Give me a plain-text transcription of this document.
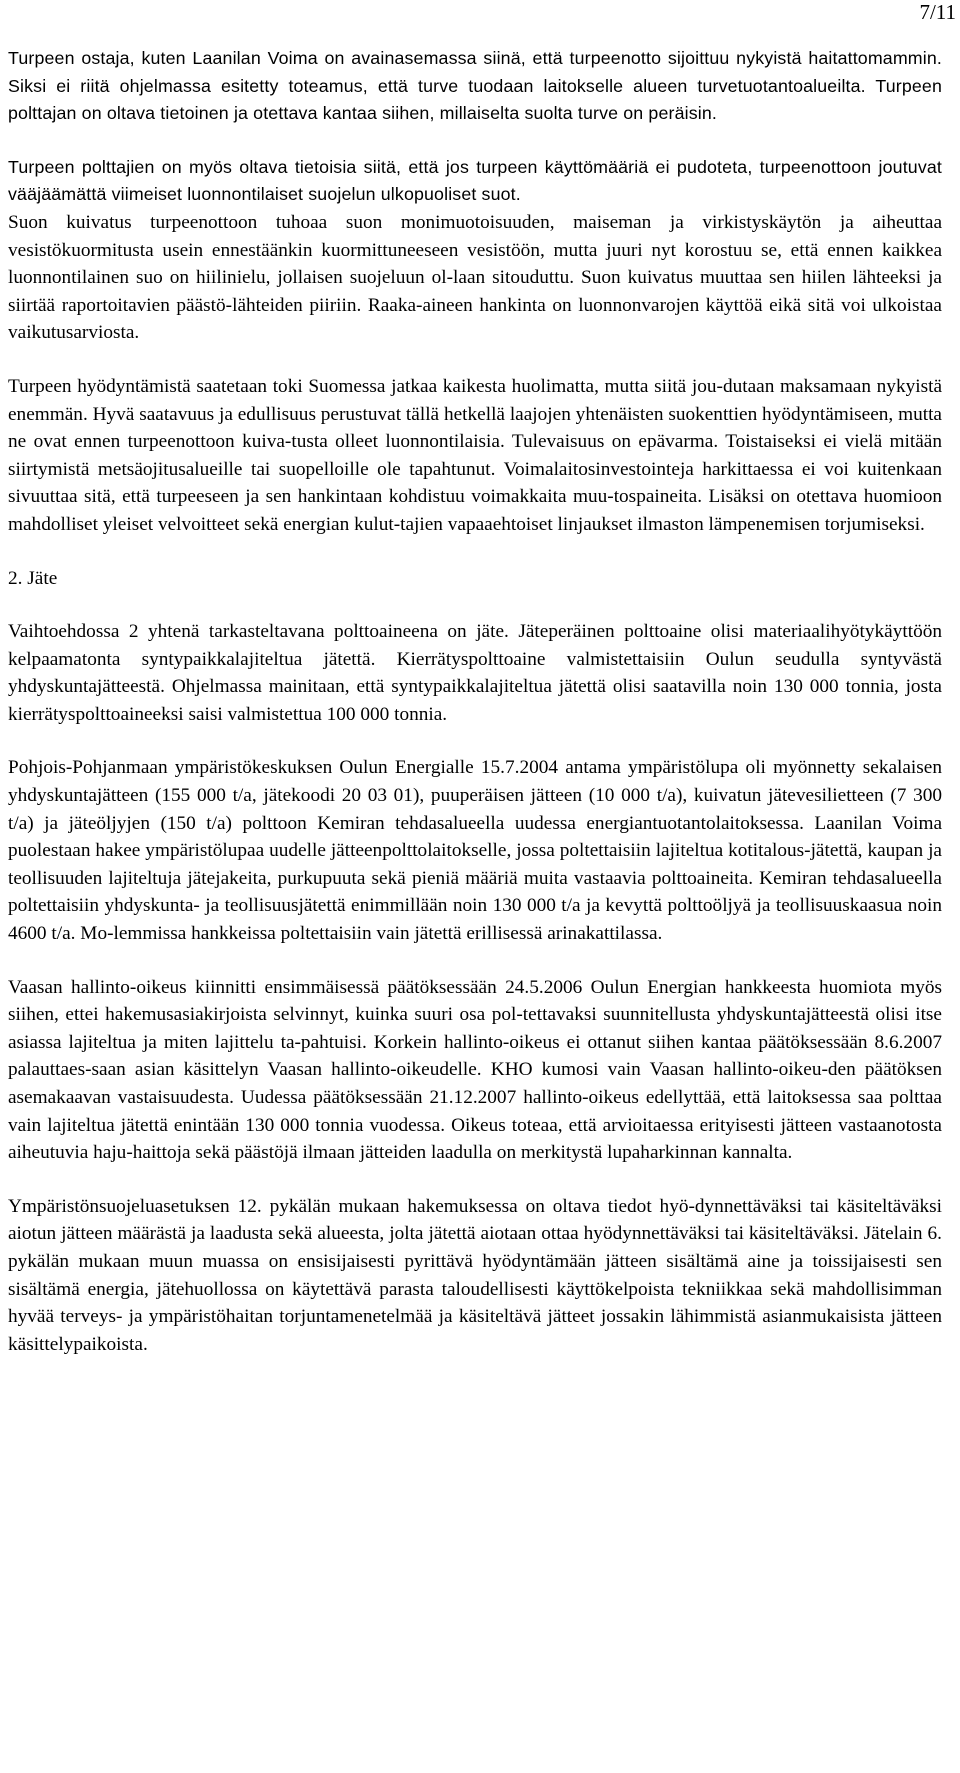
7/11

Turpeen ostaja, kuten Laanilan Voima on avainasemassa siinä, että turpeenotto sijoittuu nykyistä haitattomammin. Siksi ei riitä ohjelmassa esitetty toteamus, että turve tuodaan laitokselle alueen turvetuotantoalueilta. Turpeen polttajan on oltava tietoinen ja otettava kantaa siihen, millaiselta suolta turve on peräisin.

Turpeen polttajien on myös oltava tietoisia siitä, että jos turpeen käyttömääriä ei pudoteta, turpeenottoon joutuvat vääjäämättä viimeiset luonnontilaiset suojelun ulkopuoliset suot.

Suon kuivatus turpeenottoon tuhoaa suon monimuotoisuuden, maiseman ja virkistyskäytön ja aiheuttaa vesistökuormitusta usein ennestäänkin kuormittuneeseen vesistöön, mutta juuri nyt korostuu se, että ennen kaikkea luonnontilainen suo on hiilinielu, jollaisen suojeluun ol-laan sitouduttu. Suon kuivatus muuttaa sen hiilen lähteeksi ja siirtää raportoitavien päästö-lähteiden piiriin. Raaka-aineen hankinta on luonnonvarojen käyttöä eikä sitä voi ulkoistaa vaikutusarviosta.

Turpeen hyödyntämistä saatetaan toki Suomessa jatkaa kaikesta huolimatta, mutta siitä jou-dutaan maksamaan nykyistä enemmän. Hyvä saatavuus ja edullisuus perustuvat tällä hetkellä laajojen yhtenäisten suokenttien hyödyntämiseen, mutta ne ovat ennen turpeenottoon kuiva-tusta olleet luonnontilaisia. Tulevaisuus on epävarma. Toistaiseksi ei vielä mitään siirtymistä metsäojitusalueille tai suopelloille ole tapahtunut. Voimalaitosinvestointeja harkittaessa ei voi kuitenkaan sivuuttaa sitä, että turpeeseen ja sen hankintaan kohdistuu voimakkaita muu-tospaineita. Lisäksi on otettava huomioon mahdolliset yleiset velvoitteet sekä energian kulut-tajien vapaaehtoiset linjaukset ilmaston lämpenemisen torjumiseksi.

2. Jäte

Vaihtoehdossa 2 yhtenä tarkasteltavana polttoaineena on jäte. Jäteperäinen polttoaine olisi materiaalihyötykäyttöön kelpaamatonta syntypaikkalajiteltua jätettä. Kierrätyspolttoaine valmistettaisiin Oulun seudulla syntyvästä yhdyskuntajätteestä. Ohjelmassa mainitaan, että syntypaikkalajiteltua jätettä olisi saatavilla noin 130 000 tonnia, josta kierrätyspolttoaineeksi saisi valmistettua 100 000 tonnia.

Pohjois-Pohjanmaan ympäristökeskuksen Oulun Energialle 15.7.2004 antama ympäristölupa oli myönnetty sekalaisen yhdyskuntajätteen (155 000 t/a, jätekoodi 20 03 01), puuperäisen jätteen (10 000 t/a), kuivatun jätevesilietteen (7 300 t/a) ja jäteöljyjen (150 t/a) polttoon Kemiran tehdasalueella uudessa energiantuotantolaitoksessa. Laanilan Voima puolestaan hakee ympäristölupaa uudelle jätteenpolttolaitokselle, jossa poltettaisiin lajiteltua kotitalous-jätettä, kaupan ja teollisuuden lajiteltuja jätejakeita, purkupuuta sekä pieniä määriä muita vastaavia polttoaineita. Kemiran tehdasalueella poltettaisiin yhdyskunta- ja teollisuusjätettä enimmillään noin 130 000 t/a ja kevyttä polttoöljyä ja teollisuuskaasua noin 4600 t/a. Mo-lemmissa hankkeissa poltettaisiin vain jätettä erillisessä arinakattilassa.

Vaasan hallinto-oikeus kiinnitti ensimmäisessä päätöksessään 24.5.2006 Oulun Energian hankkeesta huomiota myös siihen, ettei hakemusasiakirjoista selvinnyt, kuinka suuri osa pol-tettavaksi suunnitellusta yhdyskuntajätteestä olisi itse asiassa lajiteltua ja miten lajittelu ta-pahtuisi. Korkein hallinto-oikeus ei ottanut siihen kantaa päätöksessään 8.6.2007 palauttaes-saan asian käsittelyn Vaasan hallinto-oikeudelle. KHO kumosi vain Vaasan hallinto-oikeu-den päätöksen asemakaavan vastaisuudesta. Uudessa päätöksessään 21.12.2007 hallinto-oikeus edellyttää, että laitoksessa saa polttaa vain lajiteltua jätettä enintään 130 000 tonnia vuodessa. Oikeus toteaa, että arvioitaessa erityisesti jätteen vastaanotosta aiheutuvia haju-haittoja sekä päästöjä ilmaan jätteiden laadulla on merkitystä lupaharkinnan kannalta.

Ympäristönsuojeluasetuksen 12. pykälän mukaan hakemuksessa on oltava tiedot hyö-dynnettäväksi tai käsiteltäväksi aiotun jätteen määrästä ja laadusta sekä alueesta, jolta jätettä aiotaan ottaa hyödynnettäväksi tai käsiteltäväksi. Jätelain 6. pykälän mukaan muun muassa on ensisijaisesti pyrittävä hyödyntämään jätteen sisältämä aine ja toissijaisesti sen sisältämä energia, jätehuollossa on käytettävä parasta taloudellisesti käyttökelpoista tekniikkaa sekä mahdollisimman hyvää terveys- ja ympäristöhaitan torjuntamenetelmää ja käsiteltävä jätteet jossakin lähimmistä asianmukaisista jätteen käsittelypaikoista.
